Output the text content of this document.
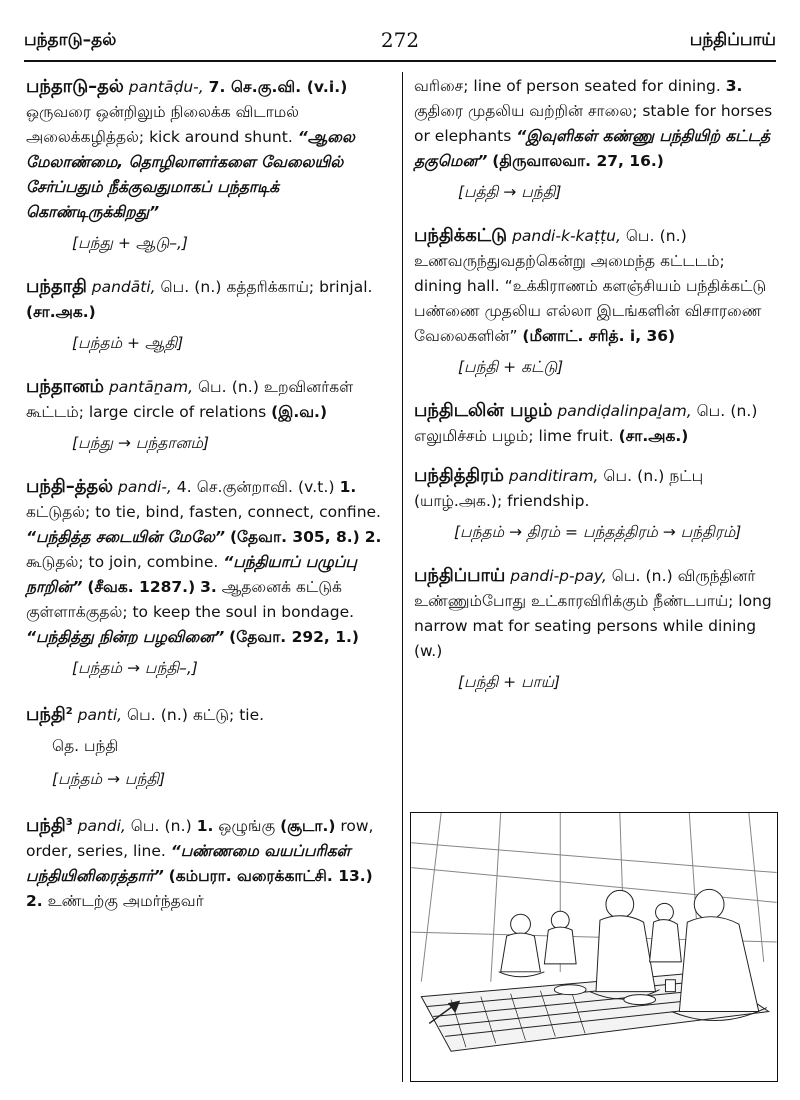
பந்தாடு–தல்	272	பந்திப்பாய்

பந்தாடு–தல் pantāḍu-, 7. செ.கு.வி. (v.i.) ஒருவரை ஒன்றிலும் நிலைக்க விடாமல் அலைக்கழித்தல்; kick around shunt. “ஆலை மேலாண்மை, தொழிலாளர்களை வேலையில் சேர்ப்பதும் நீக்குவதுமாகப் பந்தாடிக் கொண்டிருக்கிறது”

[பந்து + ஆடு–,]

பந்தாதி pandāti, பெ. (n.) கத்தரிக்காய்; brinjal. (சா.அக.)

[பந்தம் + ஆதி]

பந்தானம் pantāṉam, பெ. (n.) உறவினர்கள் கூட்டம்; large circle of relations (இ.வ.)

[பந்து → பந்தானம்]

பந்தி–த்தல் pandi-, 4. செ.குன்றாவி. (v.t.) 1. கட்டுதல்; to tie, bind, fasten, connect, confine. “பந்தித்த சடையின் மேலே” (தேவா. 305, 8.) 2. கூடுதல்; to join, combine. “பந்தியாப் பழுப்பு நாறின்” (சீவக. 1287.) 3. ஆதனைக் கட்டுக் குள்ளாக்குதல்; to keep the soul in bondage. “பந்தித்து நின்ற பழவினை” (தேவா. 292, 1.)

[பந்தம் → பந்தி–,]

பந்தி$^2$ panti, பெ. (n.) கட்டு; tie.

தெ. பந்தி

[பந்தம் → பந்தி]

பந்தி$^3$ pandi, பெ. (n.) 1. ஒழுங்கு (சூடா.) row, order, series, line. “பண்ணமை வயப்பரிகள் பந்தியினிரைத்தார்” (கம்பரா. வரைக்காட்சி. 13.) 2. உண்டற்கு அமர்ந்தவர்

வரிசை; line of person seated for dining. 3. குதிரை முதலிய வற்றின் சாலை; stable for horses or elephants “இவுளிகள் கண்ணு பந்தியிற் கட்டத் தகுமென” (திருவாலவா. 27, 16.)

[பத்தி → பந்தி]

பந்திக்கட்டு pandi-k-kaṭṭu, பெ. (n.) உணவருந்துவதற்கென்று அமைந்த கட்டடம்; dining hall. “உக்கிராணம் களஞ்சியம் பந்திக்கட்டு பண்ணை முதலிய எல்லா இடங்களின் விசாரணை வேலைகளின்” (மீனாட். சரித். i, 36)

[பந்தி + கட்டு]

பந்திடலின் பழம் pandiḍalinpaḻam, பெ. (n.) எலுமிச்சம் பழம்; lime fruit. (சா.அக.)

பந்தித்திரம் panditiram, பெ. (n.) நட்பு (யாழ்.அக.); friendship.

[பந்தம் → திரம் = பந்தத்திரம் → பந்திரம்]

பந்திப்பாய் pandi-p-pay, பெ. (n.) விருந்தினர் உண்ணும்போது உட்காரவிரிக்கும் நீண்டபாய்; long narrow mat for seating persons while dining (w.)

[பந்தி + பாய்]
